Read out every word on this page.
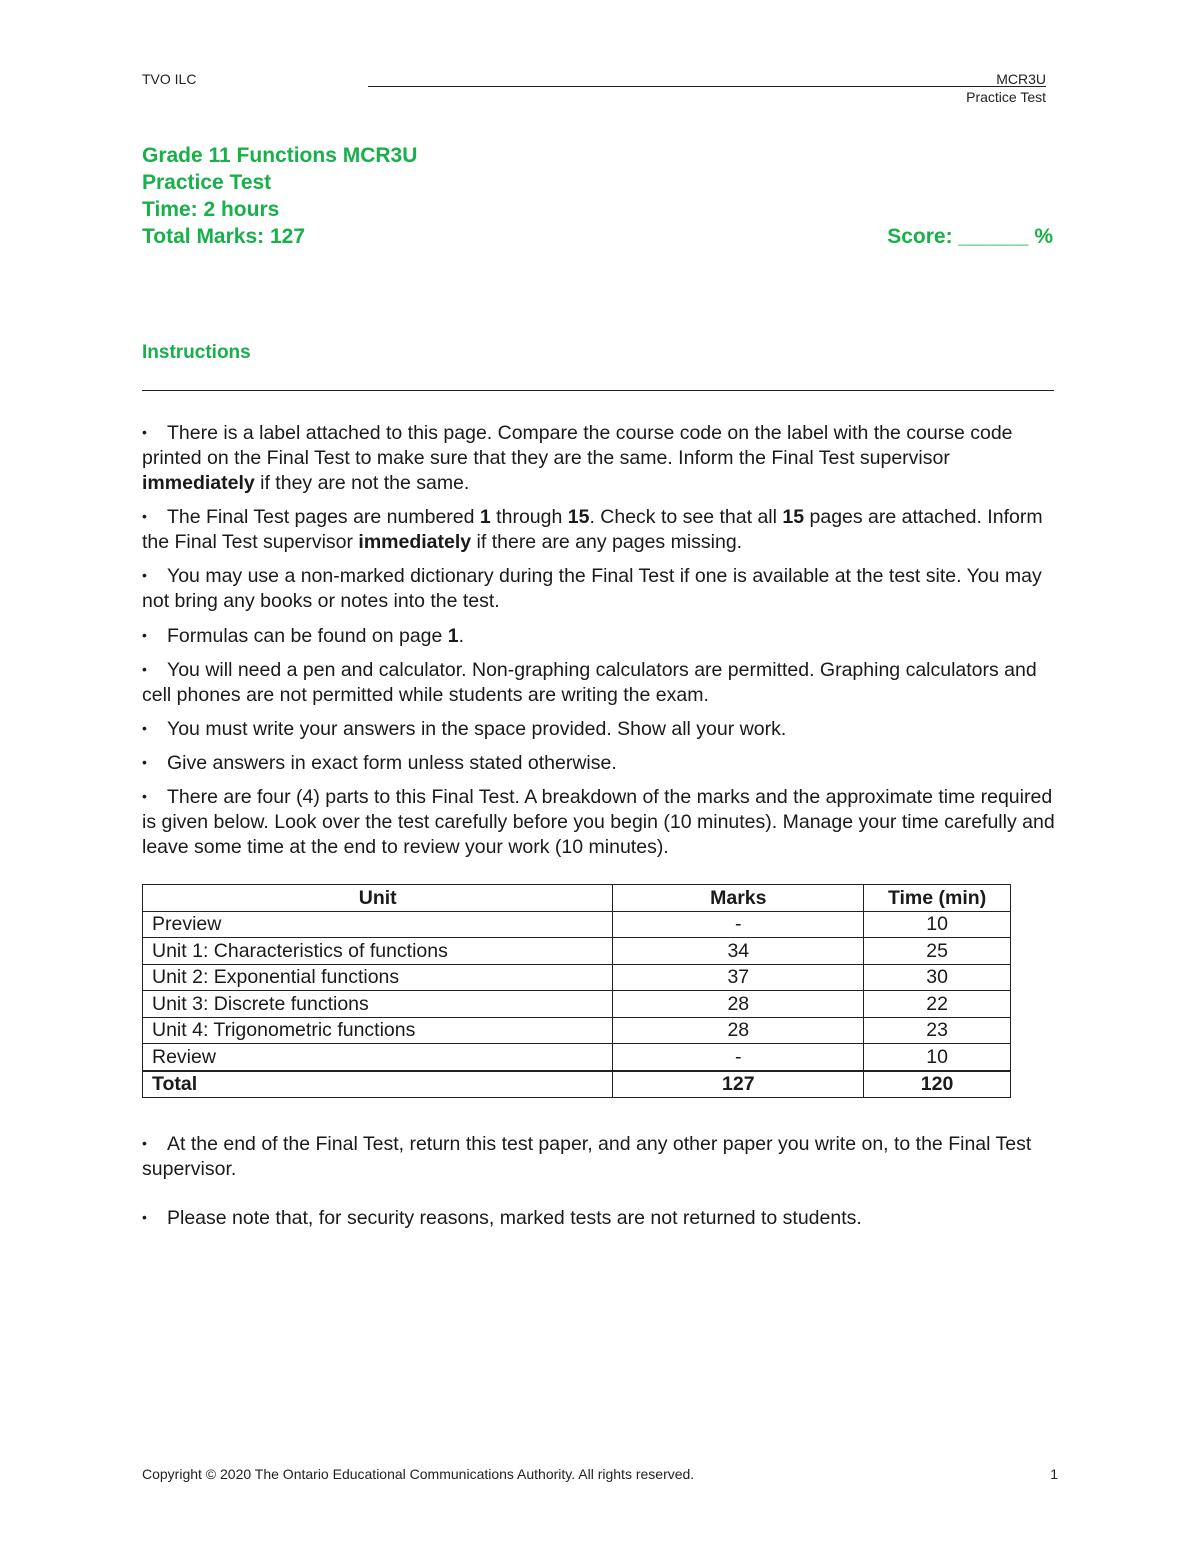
TVO ILC	MCR3U
Practice Test
Grade 11 Functions MCR3U
Practice Test
Time: 2 hours
Total Marks: 127	Score: ______ %
Instructions

• There is a label attached to this page. Compare the course code on the label with the course code printed on the Final Test to make sure that they are the same. Inform the Final Test supervisor immediately if they are not the same.

• The Final Test pages are numbered 1 through 15. Check to see that all 15 pages are attached. Inform the Final Test supervisor immediately if there are any pages missing.

• You may use a non-marked dictionary during the Final Test if one is available at the test site. You may not bring any books or notes into the test.

• Formulas can be found on page 1.

• You will need a pen and calculator. Non-graphing calculators are permitted. Graphing calculators and cell phones are not permitted while students are writing the exam.

• You must write your answers in the space provided. Show all your work.

• Give answers in exact form unless stated otherwise.

• There are four (4) parts to this Final Test. A breakdown of the marks and the approximate time required is given below. Look over the test carefully before you begin (10 minutes). Manage your time carefully and leave some time at the end to review your work (10 minutes).

Unit	Marks	Time (min)
Preview	-	10
Unit 1: Characteristics of functions	34	25
Unit 2: Exponential functions	37	30
Unit 3: Discrete functions	28	22
Unit 4: Trigonometric functions	28	23
Review	-	10
Total	127	120

• At the end of the Final Test, return this test paper, and any other paper you write on, to the Final Test supervisor.

• Please note that, for security reasons, marked tests are not returned to students.

Copyright © 2020 The Ontario Educational Communications Authority. All rights reserved.	1
